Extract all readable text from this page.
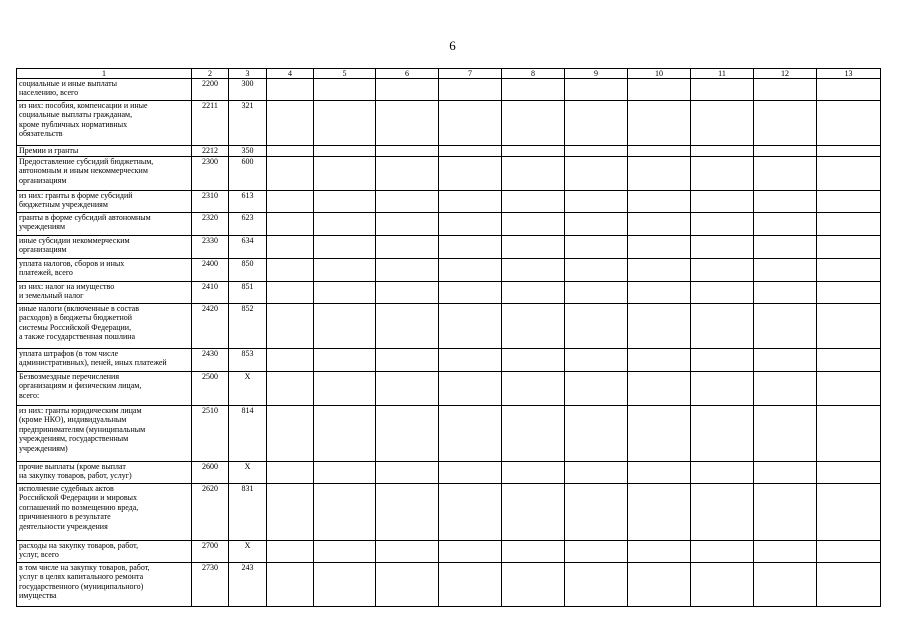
6
1	2	3	4	5	6	7	8	9	10	11	12	13
социальные и иные выплаты
населению, всего	2200	300										
из них: пособия, компенсации и иные
социальные выплаты гражданам,
кроме публичных нормативных
обязательств	2211	321										
Премии и гранты	2212	350										
Предоставление субсидий бюджетным,
автономным и иным некоммерческим
организациям	2300	600										
из них: гранты в форме субсидий
бюджетным учреждениям	2310	613										
гранты в форме субсидий автономным
учреждениям	2320	623										
иные субсидии некоммерческим
организациям	2330	634										
уплата налогов, сборов и иных
платежей, всего	2400	850										
из них: налог на имущество
и земельный налог	2410	851										
иные налоги (включенные в состав
расходов) в бюджеты бюджетной
системы Российской Федерации,
а также государственная пошлина	2420	852										
уплата штрафов (в том числе
административных), пеней, иных платежей	2430	853										
Безвозмездные перечисления
организациям и физическим лицам,
всего:	2500	X										
из них: гранты юридическим лицам
(кроме НКО), индивидуальным
предпринимателям (муниципальным
учреждениям, государственным
учреждениям)	2510	814										
прочие выплаты (кроме выплат
на закупку товаров, работ, услуг)	2600	X										
исполнение судебных актов
Российской Федерации и мировых
соглашений по возмещению вреда,
причиненного в результате
деятельности учреждения	2620	831										
расходы на закупку товаров, работ,
услуг, всего	2700	X										
в том числе на закупку товаров, работ,
услуг в целях капитального ремонта
государственного (муниципального)
имущества	2730	243										
